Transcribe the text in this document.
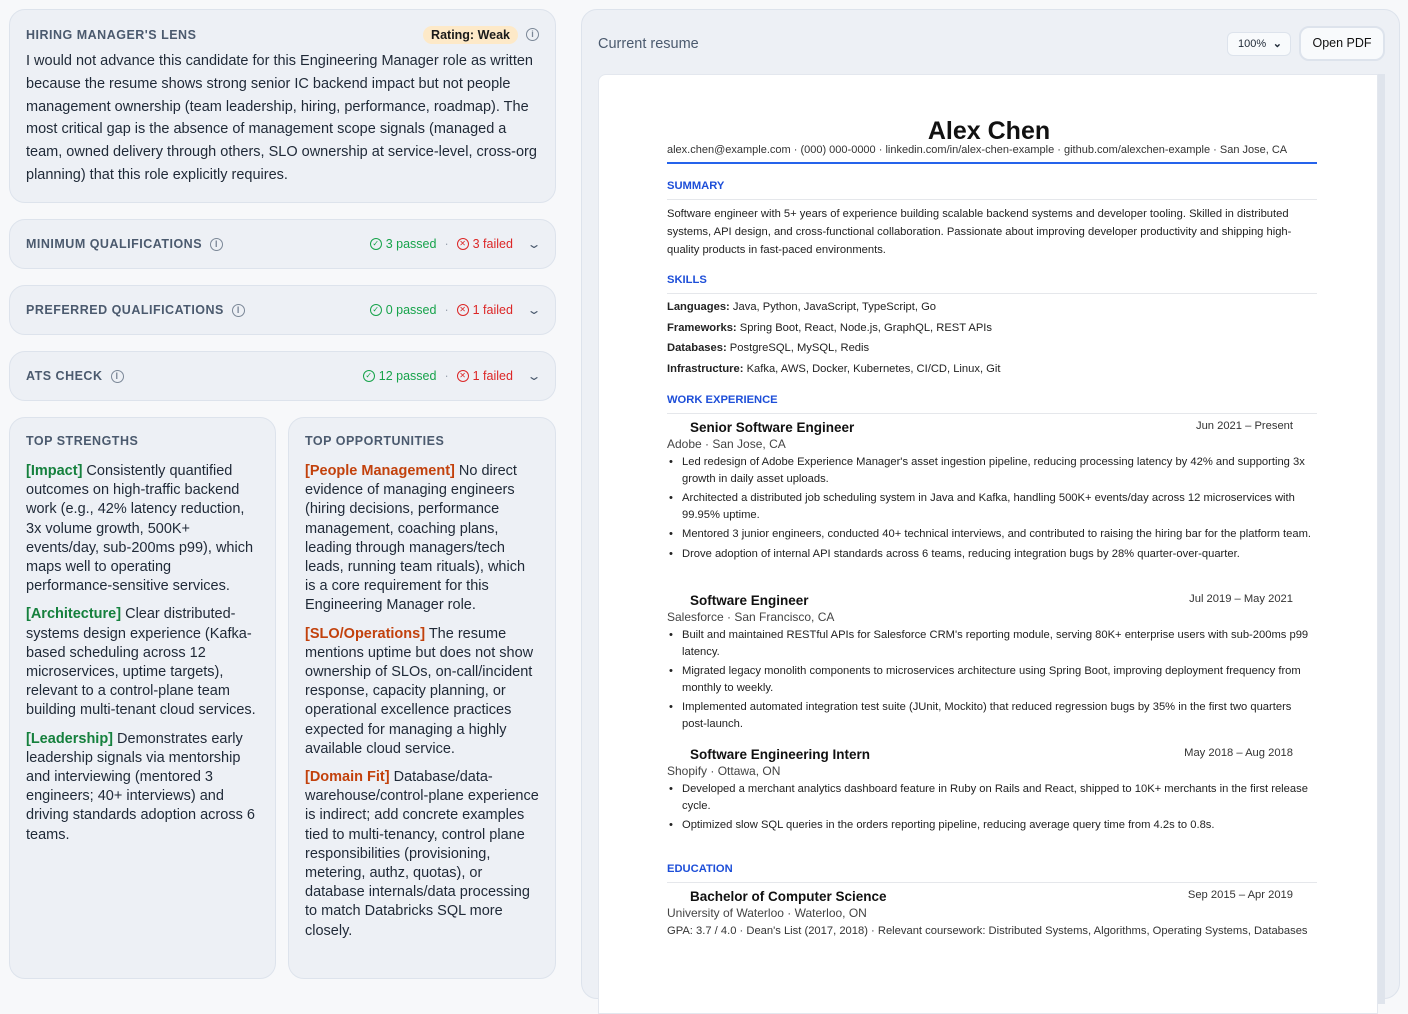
HIRING MANAGER'S LENS	Rating: Weak i

I would not advance this candidate for this Engineering Manager role as written because the resume shows strong senior IC backend impact but not people management ownership (team leadership, hiring, performance, roadmap). The most critical gap is the absence of management scope signals (managed a team, owned delivery through others, SLO ownership at service-level, cross-org planning) that this role explicitly requires.

MINIMUM QUALIFICATIONS I	✓ 3 passed ·	✕ 3 failed ⌄
PREFERRED QUALIFICATIONS I	✓ 0 passed ·	✕ 1 failed ⌄
ATS CHECK I	✓ 12 passed ·	✕ 1 failed ⌄
TOP STRENGTHS

[Impact] Consistently quantified outcomes on high-traffic backend work (e.g., 42% latency reduction, 3x volume growth, 500K+ events/day, sub-200ms p99), which maps well to operating performance-sensitive services.

[Architecture] Clear distributed-systems design experience (Kafka-based scheduling across 12 microservices, uptime targets), relevant to a control-plane team building multi-tenant cloud services.

[Leadership] Demonstrates early leadership signals via mentorship and interviewing (mentored 3 engineers; 40+ interviews) and driving standards adoption across 6 teams.

TOP OPPORTUNITIES

[People Management] No direct evidence of managing engineers (hiring decisions, performance management, coaching plans, leading through managers/tech leads, running team rituals), which is a core requirement for this Engineering Manager role.

[SLO/Operations] The resume mentions uptime but does not show ownership of SLOs, on-call/incident response, capacity planning, or operational excellence practices expected for managing a highly available cloud service.

[Domain Fit] Database/data-warehouse/control-plane experience is indirect; add concrete examples tied to multi-tenancy, control plane responsibilities (provisioning, metering, authz, quotas), or database internals/data processing to match Databricks SQL more closely.

Current resume	100% ⌄	Open PDF
Alex Chen
alex.chen@example.com · (000) 000-0000 · linkedin.com/in/alex-chen-example · github.com/alexchen-example · San Jose, CA
SUMMARY
Software engineer with 5+ years of experience building scalable backend systems and developer tooling. Skilled in distributed systems, API design, and cross-functional collaboration. Passionate about improving developer productivity and shipping high-quality products in fast-paced environments.
SKILLS
Languages: Java, Python, JavaScript, TypeScript, Go
Frameworks: Spring Boot, React, Node.js, GraphQL, REST APIs
Databases: PostgreSQL, MySQL, Redis
Infrastructure: Kafka, AWS, Docker, Kubernetes, CI/CD, Linux, Git
WORK EXPERIENCE
Senior Software Engineer	Jun 2021 – Present
Adobe · San Jose, CA
• Led redesign of Adobe Experience Manager's asset ingestion pipeline, reducing processing latency by 42% and supporting 3x growth in daily asset uploads.
• Architected a distributed job scheduling system in Java and Kafka, handling 500K+ events/day across 12 microservices with 99.95% uptime.
• Mentored 3 junior engineers, conducted 40+ technical interviews, and contributed to raising the hiring bar for the platform team.
• Drove adoption of internal API standards across 6 teams, reducing integration bugs by 28% quarter-over-quarter.
Software Engineer	Jul 2019 – May 2021
Salesforce · San Francisco, CA
• Built and maintained RESTful APIs for Salesforce CRM's reporting module, serving 80K+ enterprise users with sub-200ms p99 latency.
• Migrated legacy monolith components to microservices architecture using Spring Boot, improving deployment frequency from monthly to weekly.
• Implemented automated integration test suite (JUnit, Mockito) that reduced regression bugs by 35% in the first two quarters post-launch.
Software Engineering Intern	May 2018 – Aug 2018
Shopify · Ottawa, ON
• Developed a merchant analytics dashboard feature in Ruby on Rails and React, shipped to 10K+ merchants in the first release cycle.
• Optimized slow SQL queries in the orders reporting pipeline, reducing average query time from 4.2s to 0.8s.
EDUCATION
Bachelor of Computer Science	Sep 2015 – Apr 2019
University of Waterloo · Waterloo, ON
GPA: 3.7 / 4.0 · Dean's List (2017, 2018) · Relevant coursework: Distributed Systems, Algorithms, Operating Systems, Databases
